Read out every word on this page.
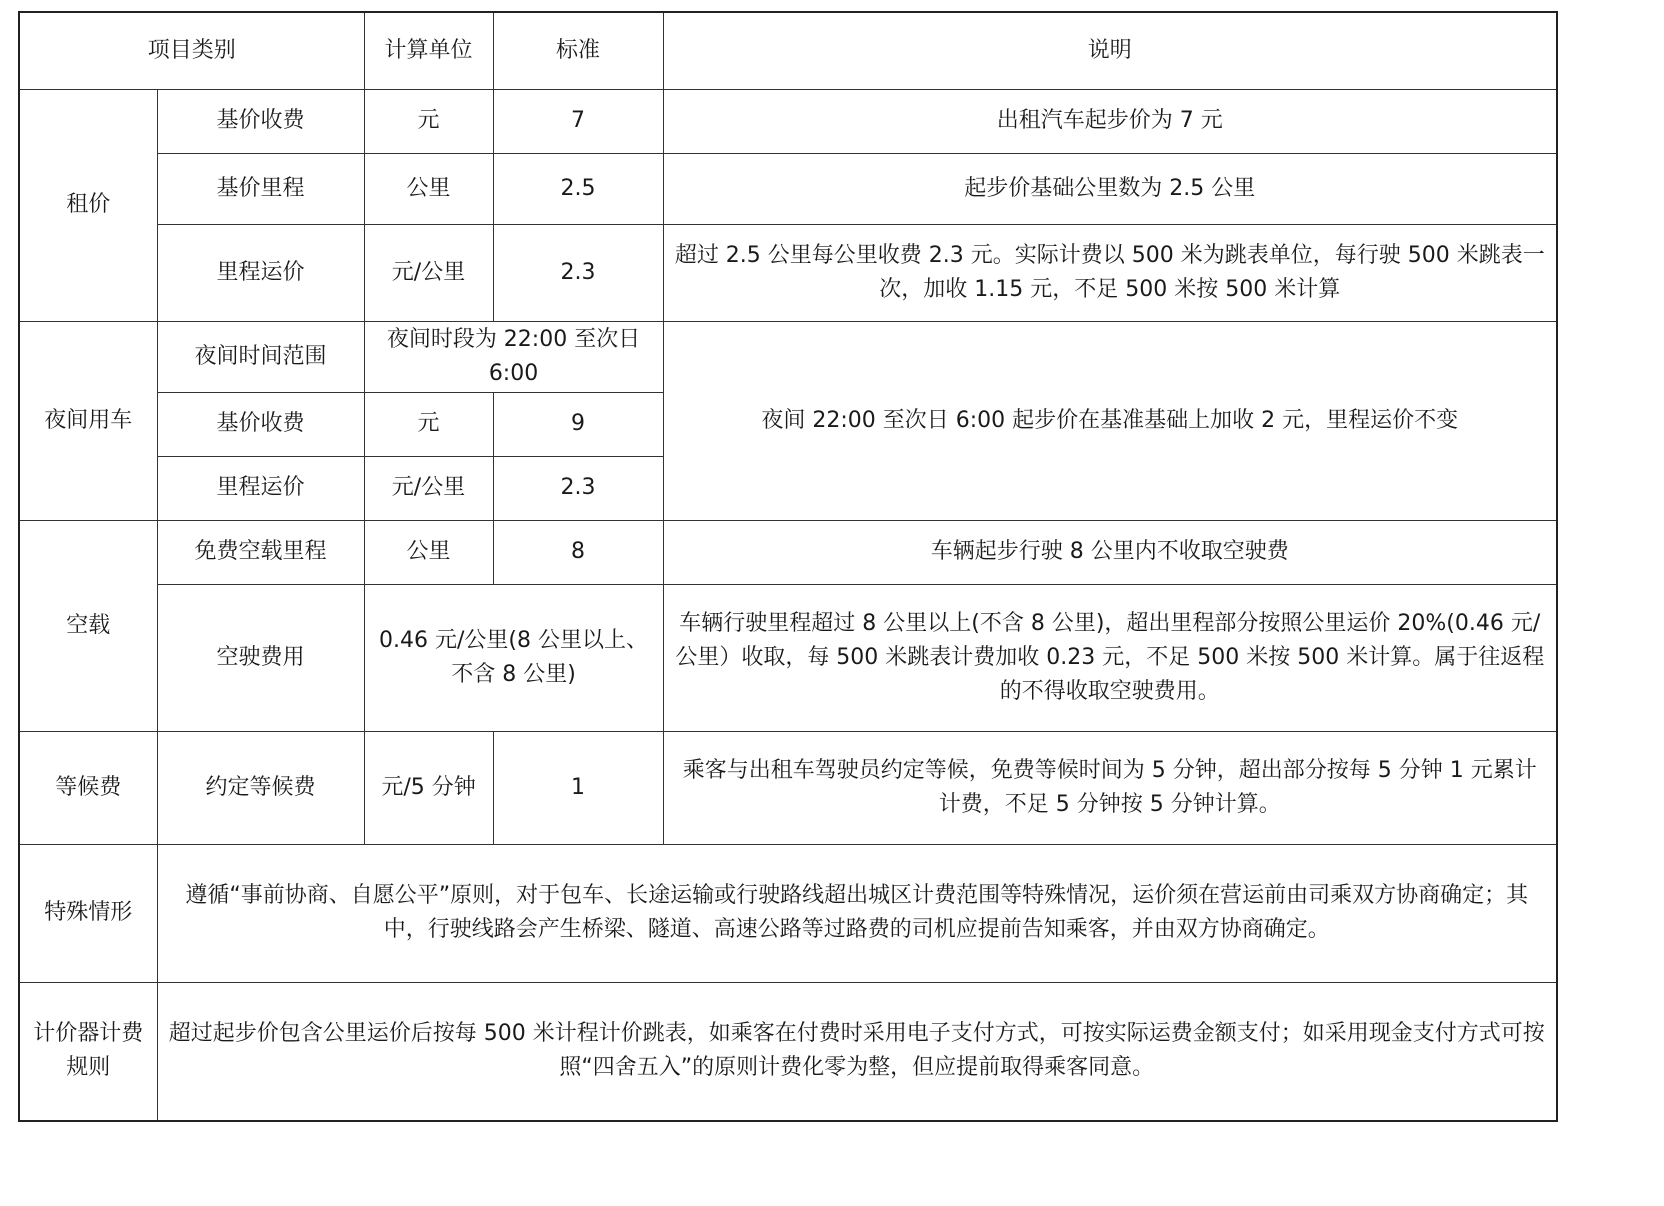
项目类别		计算单位	标准	说明
租价	基价收费	元	7	出租汽车起步价为 7 元
	基价里程	公里	2.5	起步价基础公里数为 2.5 公里
	里程运价	元/公里	2.3	超过 2.5 公里每公里收费 2.3 元。实际计费以 500 米为跳表单位，每行驶 500 米跳表一次，加收 1.15 元，不足 500 米按 500 米计算
夜间用车	夜间时间范围	夜间时段为 22:00 至次日 6:00		夜间 22:00 至次日 6:00 起步价在基准基础上加收 2 元，里程运价不变
	基价收费	元	9	
	里程运价	元/公里	2.3	
空载	免费空载里程	公里	8	车辆起步行驶 8 公里内不收取空驶费
	空驶费用	0.46 元/公里(8 公里以上、不含 8 公里)		车辆行驶里程超过 8 公里以上(不含 8 公里)，超出里程部分按照公里运价 20%(0.46 元/公里）收取，每 500 米跳表计费加收 0.23 元，不足 500 米按 500 米计算。属于往返程的不得收取空驶费用。
等候费	约定等候费	元/5 分钟	1	乘客与出租车驾驶员约定等候，免费等候时间为 5 分钟，超出部分按每 5 分钟 1 元累计计费，不足 5 分钟按 5 分钟计算。
特殊情形	遵循“事前协商、自愿公平”原则，对于包车、长途运输或行驶路线超出城区计费范围等特殊情况，运价须在营运前由司乘双方协商确定；其中，行驶线路会产生桥梁、隧道、高速公路等过路费的司机应提前告知乘客，并由双方协商确定。			
计价器计费规则	超过起步价包含公里运价后按每 500 米计程计价跳表，如乘客在付费时采用电子支付方式，可按实际运费金额支付；如采用现金支付方式可按照“四舍五入”的原则计费化零为整，但应提前取得乘客同意。			
